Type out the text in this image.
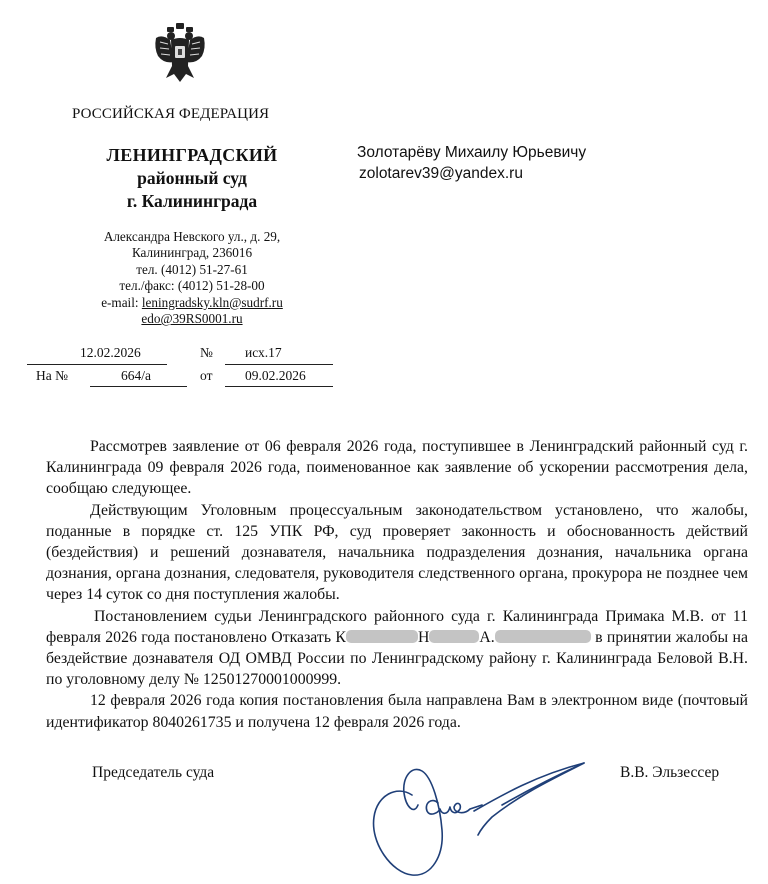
РОССИЙСКАЯ ФЕДЕРАЦИЯ
ЛЕНИНГРАДСКИЙ
районный суд
г. Калининграда
Александра Невского ул., д. 29,
Калининград, 236016
тел. (4012) 51-27-61
тел./факс: (4012) 51-28-00
e-mail: leningradsky.kln@sudrf.ru
edo@39RS0001.ru
12.02.2026	№ исх.17
На №	664/а	от 09.02.2026
Золотарёву Михаилу Юрьевичу
zolotarev39@yandex.ru

Рассмотрев заявление от 06 февраля 2026 года, поступившее в Ленинградский районный суд г. Калининграда 09 февраля 2026 года, поименованное как заявление об ускорении рассмотрения дела, сообщаю следующее.

Действующим Уголовным процессуальным законодательством установлено, что жалобы, поданные в порядке ст. 125 УПК РФ, суд проверяет законность и обоснованность действий (бездействия) и решений дознавателя, начальника подразделения дознания, начальника органа дознания, органа дознания, следователя, руководителя следственного органа, прокурора не позднее чем через 14 суток со дня поступления жалобы.

Постановлением судьи Ленинградского районного суда г. Калининграда Примака М.В. от 11 февраля 2026 года постановлено Отказать К	Н	А.	в принятии жалобы на бездействие дознавателя ОД ОМВД России по Ленинградскому району г. Калининграда Беловой В.Н. по уголовному делу № 12501270001000999.

12 февраля 2026 года копия постановления была направлена Вам в электронном виде (почтовый идентификатор 8040261735 и получена 12 февраля 2026 года.

Председатель суда	В.В. Эльзессер
